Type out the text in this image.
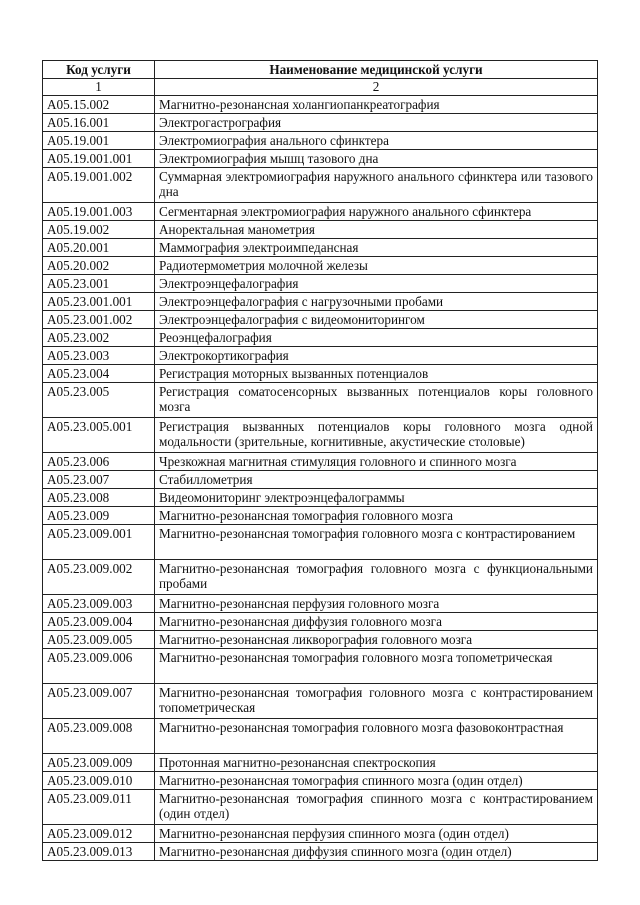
Код услуги	Наименование медицинской услуги
1	2
A05.15.002	Магнитно-резонансная холангиопанкреатография
A05.16.001	Электрогастрография
A05.19.001	Электромиография анального сфинктера
A05.19.001.001	Электромиография мышц тазового дна
A05.19.001.002	Суммарная электромиография наружного анального сфинктера или тазового дна
A05.19.001.003	Сегментарная электромиография наружного анального сфинктера
A05.19.002	Аноректальная манометрия
A05.20.001	Маммография электроимпедансная
A05.20.002	Радиотермометрия молочной железы
A05.23.001	Электроэнцефалография
A05.23.001.001	Электроэнцефалография с нагрузочными пробами
A05.23.001.002	Электроэнцефалография с видеомониторингом
A05.23.002	Реоэнцефалография
A05.23.003	Электрокортикография
A05.23.004	Регистрация моторных вызванных потенциалов
A05.23.005	Регистрация соматосенсорных вызванных потенциалов коры головного мозга
A05.23.005.001	Регистрация вызванных потенциалов коры головного мозга одной модальности (зрительные, когнитивные, акустические столовые)
A05.23.006	Чрезкожная магнитная стимуляция головного и спинного мозга
A05.23.007	Стабиллометрия
A05.23.008	Видеомониторинг электроэнцефалограммы
A05.23.009	Магнитно-резонансная томография головного мозга
A05.23.009.001	Магнитно-резонансная томография головного мозга с контрастированием
A05.23.009.002	Магнитно-резонансная томография головного мозга с функциональными пробами
A05.23.009.003	Магнитно-резонансная перфузия головного мозга
A05.23.009.004	Магнитно-резонансная диффузия головного мозга
A05.23.009.005	Магнитно-резонансная ликворография головного мозга
A05.23.009.006	Магнитно-резонансная томография головного мозга топометрическая
A05.23.009.007	Магнитно-резонансная томография головного мозга с контрастированием топометрическая
A05.23.009.008	Магнитно-резонансная томография головного мозга фазовоконтрастная
A05.23.009.009	Протонная магнитно-резонансная спектроскопия
A05.23.009.010	Магнитно-резонансная томография спинного мозга (один отдел)
A05.23.009.011	Магнитно-резонансная томография спинного мозга с контрастированием (один отдел)
A05.23.009.012	Магнитно-резонансная перфузия спинного мозга (один отдел)
A05.23.009.013	Магнитно-резонансная диффузия спинного мозга (один отдел)
